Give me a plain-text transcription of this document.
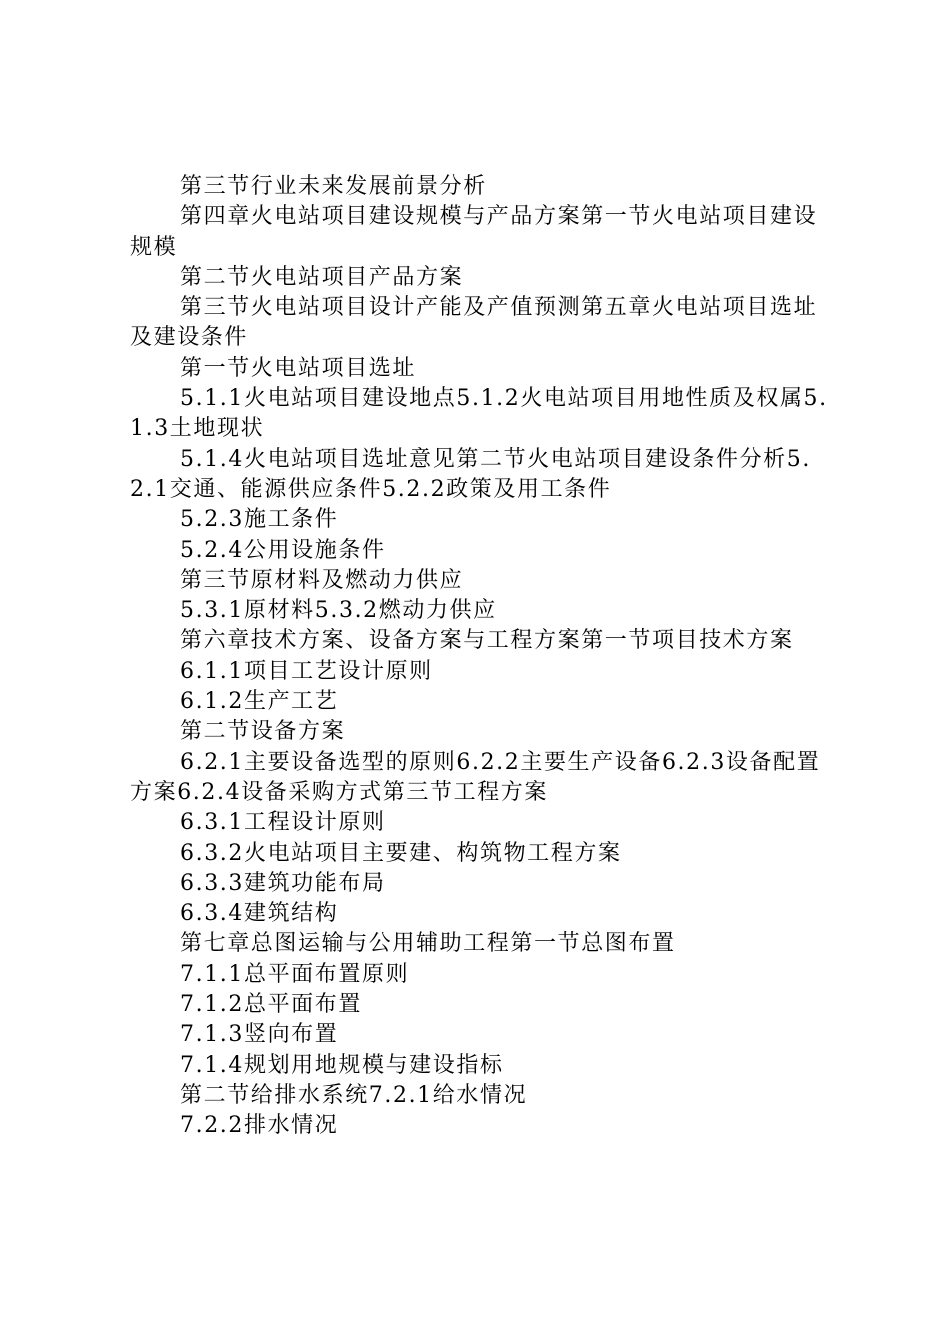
第三节行业未来发展前景分析

第四章火电站项目建设规模与产品方案第一节火电站项目建设规模

第二节火电站项目产品方案

第三节火电站项目设计产能及产值预测第五章火电站项目选址及建设条件

第一节火电站项目选址

5.1.1火电站项目建设地点5.1.2火电站项目用地性质及权属5.1.3土地现状

5.1.4火电站项目选址意见第二节火电站项目建设条件分析5.2.1交通、能源供应条件5.2.2政策及用工条件

5.2.3施工条件

5.2.4公用设施条件

第三节原材料及燃动力供应

5.3.1原材料5.3.2燃动力供应

第六章技术方案、设备方案与工程方案第一节项目技术方案

6.1.1项目工艺设计原则

6.1.2生产工艺

第二节设备方案

6.2.1主要设备选型的原则6.2.2主要生产设备6.2.3设备配置方案6.2.4设备采购方式第三节工程方案

6.3.1工程设计原则

6.3.2火电站项目主要建、构筑物工程方案

6.3.3建筑功能布局

6.3.4建筑结构

第七章总图运输与公用辅助工程第一节总图布置

7.1.1总平面布置原则

7.1.2总平面布置

7.1.3竖向布置

7.1.4规划用地规模与建设指标

第二节给排水系统7.2.1给水情况

7.2.2排水情况
